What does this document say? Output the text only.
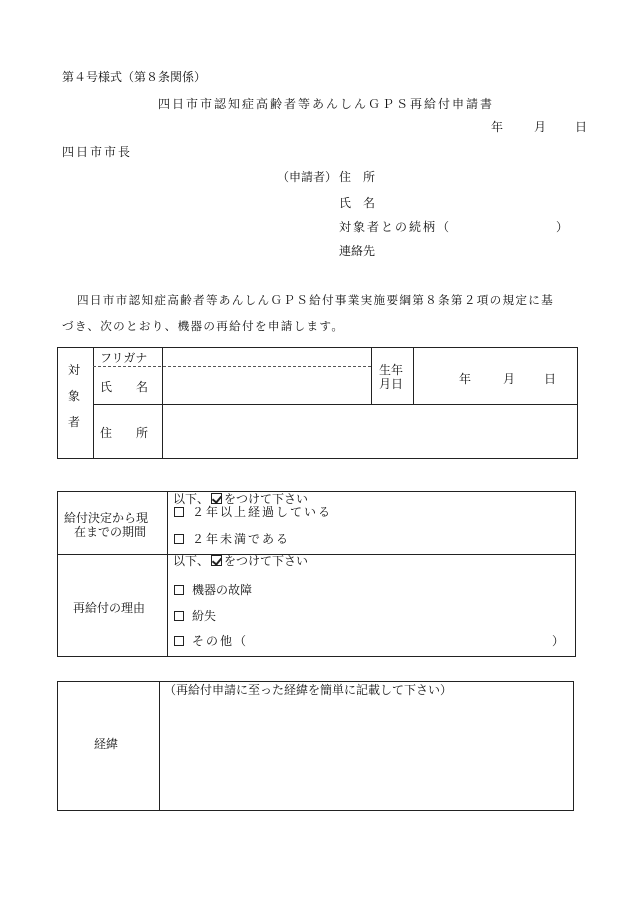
第４号様式（第８条関係）
四日市市認知症高齢者等あんしんＧＰＳ再給付申請書
年	月 日
四日市市長
（申請者） 住　所
氏　名
対象者との続柄（	）
連絡先
四日市市認知症高齢者等あんしんＧＰＳ給付事業実施要綱第８条第２項の規定に基
づき、次のとおり、機器の再給付を申請します。
対
象
者
フリガナ
氏　　名
生年
月日	年	月 日
住　　所
給付決定から現
在までの期間
以下、 をつけて下さい
２年以上経過している
２年未満である
再給付の理由
以下、 をつけて下さい
機器の故障
紛失
その他（	）
経緯
（再給付申請に至った経緯を簡単に記載して下さい）
